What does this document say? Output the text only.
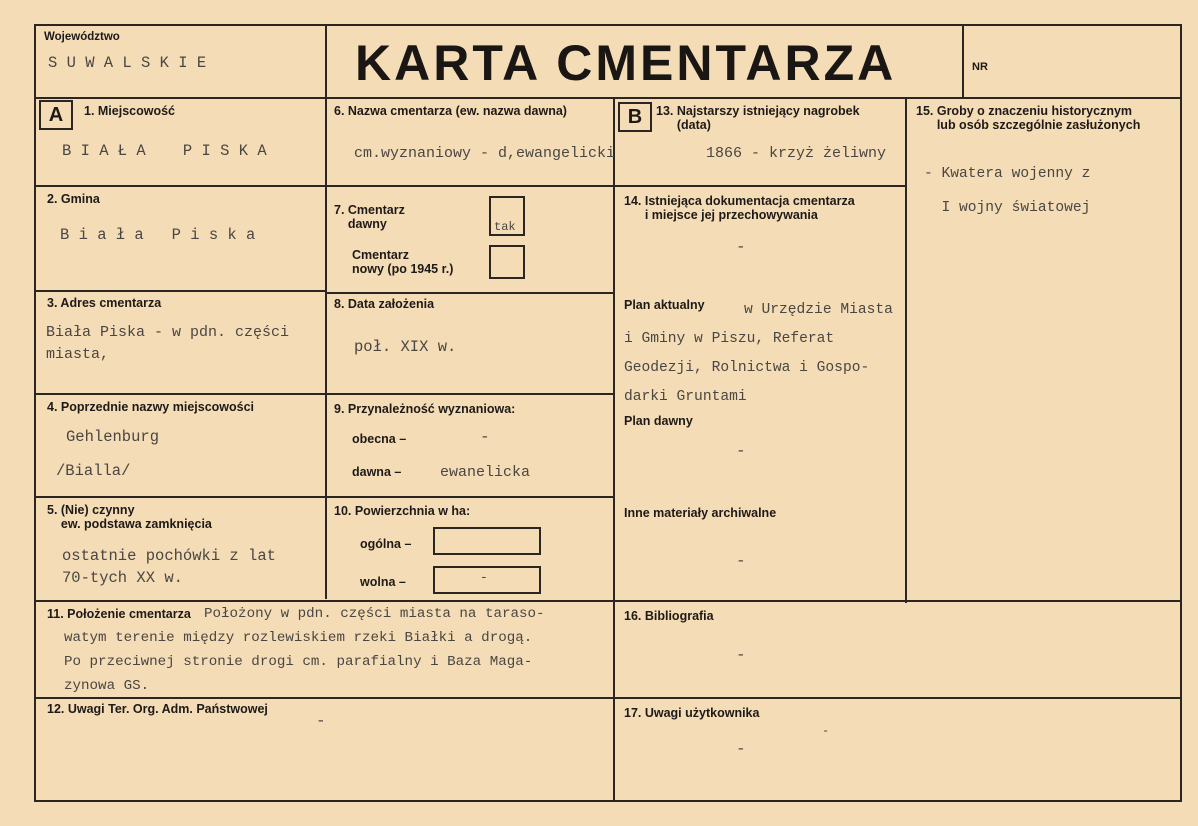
Województwo
S U W A L S K I E	KARTA CMENTARZA	NR
A	B
1. Miejscowość
B I A Ł A    P I S K A
2. Gmina
B i a ł a   P i s k a
3. Adres cmentarza
Biała Piska - w pdn. części
miasta,
4. Poprzednie nazwy miejscowości
Gehlenburg
/Bialla/
5. (Nie) czynny
ew. podstawa zamknięcia
ostatnie pochówki z lat
70-tych XX w.
6. Nazwa cmentarza (ew. nazwa dawna)
cm.wyznaniowy - d,ewangelicki
7. Cmentarz
dawny	tak
Cmentarz
nowy (po 1945 r.)
8. Data założenia
poł. XIX w.
9. Przynależność wyznaniowa:
obecna –	-
dawna –	ewanelicka
10. Powierzchnia w ha:
ogólna –
wolna –	-
11. Położenie cmentarza Położony w pdn. części miasta na taraso-
watym terenie między rozlewiskiem rzeki Białki a drogą.
Po przeciwnej stronie drogi cm. parafialny i Baza Maga-
zynowa GS.
12. Uwagi Ter. Org. Adm. Państwowej
-
13. Najstarszy istniejący nagrobek
(data)
1866 - krzyż żeliwny
14. Istniejąca dokumentacja cmentarza
i miejsce jej przechowywania
-
Plan aktualny	w Urzędzie Miasta
i Gminy w Piszu, Referat
Geodezji, Rolnictwa i Gospo-
darki Gruntami
Plan dawny
-
Inne materiały archiwalne
-
15. Groby o znaczeniu historycznym
lub osób szczególnie zasłużonych
- Kwatera wojenny z
I wojny światowej
16. Bibliografia
-
17. Uwagi użytkownika
-
-
